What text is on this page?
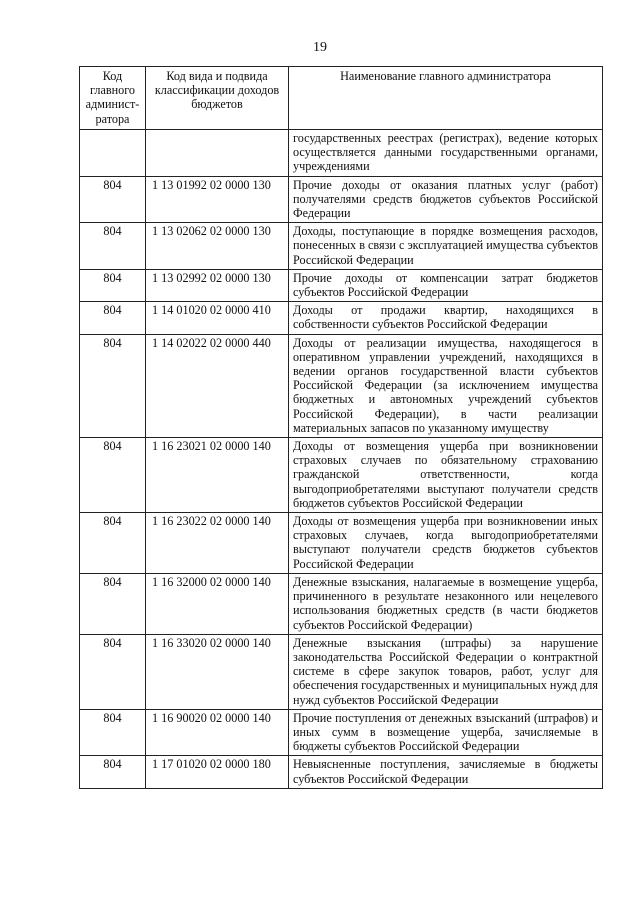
19
Код главного админист-ратора	Код вида и подвида классификации доходов бюджетов	Наименование главного администратора
		государственных реестрах (регистрах), ведение которых осуществляется данными государственными органами, учреждениями
804	1 13 01992 02 0000 130	Прочие доходы от оказания платных услуг (работ) получателями средств бюджетов субъектов Российской Федерации
804	1 13 02062 02 0000 130	Доходы, поступающие в порядке возмещения расходов, понесенных в связи с эксплуатацией имущества субъектов Российской Федерации
804	1 13 02992 02 0000 130	Прочие доходы от компенсации затрат бюджетов субъектов Российской Федерации
804	1 14 01020 02 0000 410	Доходы от продажи квартир, находящихся в собственности субъектов Российской Федерации
804	1 14 02022 02 0000 440	Доходы от реализации имущества, находящегося в оперативном управлении учреждений, находящихся в ведении органов государственной власти субъектов Российской Федерации (за исключением имущества бюджетных и автономных учреждений субъектов Российской Федерации), в части реализации материальных запасов по указанному имуществу
804	1 16 23021 02 0000 140	Доходы от возмещения ущерба при возникновении страховых случаев по обязательному страхованию гражданской ответственности, когда выгодоприобретателями выступают получатели средств бюджетов субъектов Российской Федерации
804	1 16 23022 02 0000 140	Доходы от возмещения ущерба при возникновении иных страховых случаев, когда выгодоприобретателями выступают получатели средств бюджетов субъектов Российской Федерации
804	1 16 32000 02 0000 140	Денежные взыскания, налагаемые в возмещение ущерба, причиненного в результате незаконного или нецелевого использования бюджетных средств (в части бюджетов субъектов Российской Федерации)
804	1 16 33020 02 0000 140	Денежные взыскания (штрафы) за нарушение законодательства Российской Федерации о контрактной системе в сфере закупок товаров, работ, услуг для обеспечения государственных и муниципальных нужд для нужд субъектов Российской Федерации
804	1 16 90020 02 0000 140	Прочие поступления от денежных взысканий (штрафов) и иных сумм в возмещение ущерба, зачисляемые в бюджеты субъектов Российской Федерации
804	1 17 01020 02 0000 180	Невыясненные поступления, зачисляемые в бюджеты субъектов Российской Федерации
